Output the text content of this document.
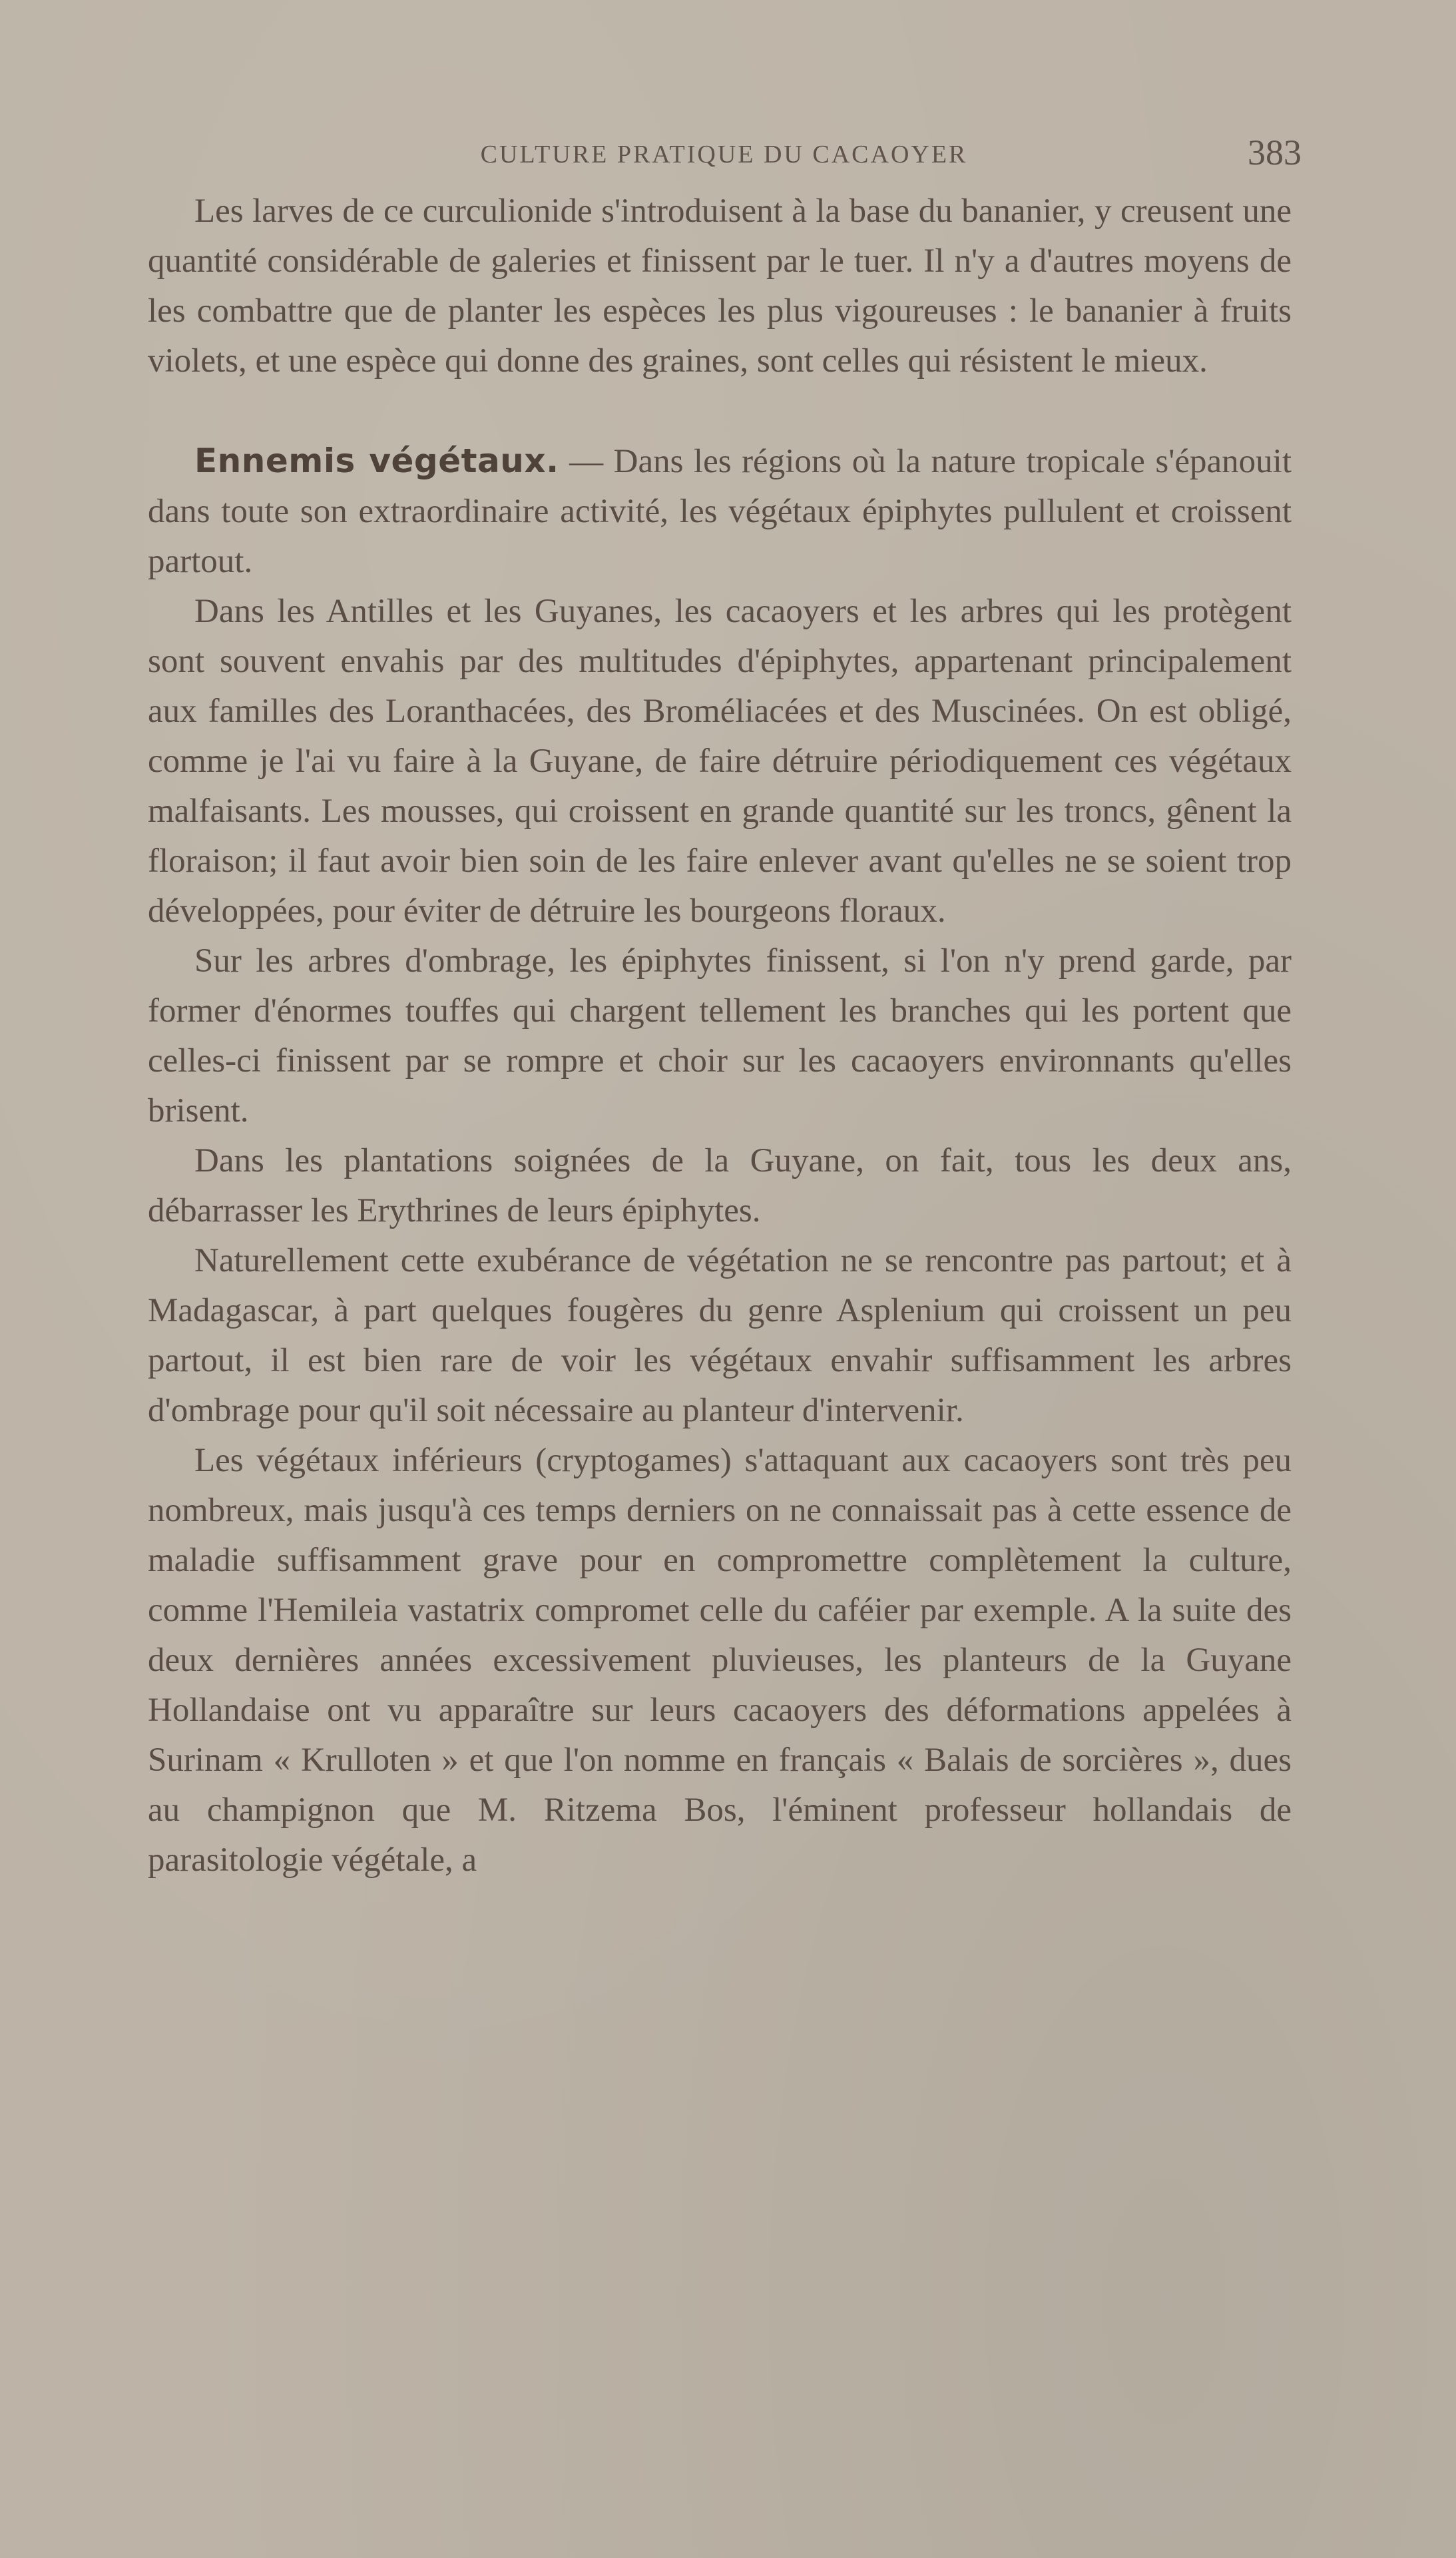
CULTURE PRATIQUE DU CACAOYER	383

Les larves de ce curculionide s'introduisent à la base du bananier, y creusent une quantité considérable de galeries et finissent par le tuer. Il n'y a d'autres moyens de les combattre que de planter les espèces les plus vigoureuses : le bananier à fruits violets, et une espèce qui donne des graines, sont celles qui résistent le mieux.

Ennemis végétaux. — Dans les régions où la nature tropicale s'épanouit dans toute son extraordinaire activité, les végétaux épiphytes pullulent et croissent partout.

Dans les Antilles et les Guyanes, les cacaoyers et les arbres qui les protègent sont souvent envahis par des multitudes d'épiphytes, appartenant principalement aux familles des Loranthacées, des Broméliacées et des Muscinées. On est obligé, comme je l'ai vu faire à la Guyane, de faire détruire périodiquement ces végétaux malfaisants. Les mousses, qui croissent en grande quantité sur les troncs, gênent la floraison; il faut avoir bien soin de les faire enlever avant qu'elles ne se soient trop développées, pour éviter de détruire les bourgeons floraux.

Sur les arbres d'ombrage, les épiphytes finissent, si l'on n'y prend garde, par former d'énormes touffes qui chargent tellement les branches qui les portent que celles-ci finissent par se rompre et choir sur les cacaoyers environnants qu'elles brisent.

Dans les plantations soignées de la Guyane, on fait, tous les deux ans, débarrasser les Erythrines de leurs épiphytes.

Naturellement cette exubérance de végétation ne se rencontre pas partout; et à Madagascar, à part quelques fougères du genre Asplenium qui croissent un peu partout, il est bien rare de voir les végétaux envahir suffisamment les arbres d'ombrage pour qu'il soit nécessaire au planteur d'intervenir.

Les végétaux inférieurs (cryptogames) s'attaquant aux cacaoyers sont très peu nombreux, mais jusqu'à ces temps derniers on ne connaissait pas à cette essence de maladie suffisamment grave pour en compromettre complètement la culture, comme l'Hemileia vastatrix compromet celle du caféier par exemple. A la suite des deux dernières années excessivement pluvieuses, les planteurs de la Guyane Hollandaise ont vu apparaître sur leurs cacaoyers des déformations appelées à Surinam « Krulloten » et que l'on nomme en français « Balais de sorcières », dues au champignon que M. Ritzema Bos, l'éminent professeur hollandais de parasitologie végétale, a
